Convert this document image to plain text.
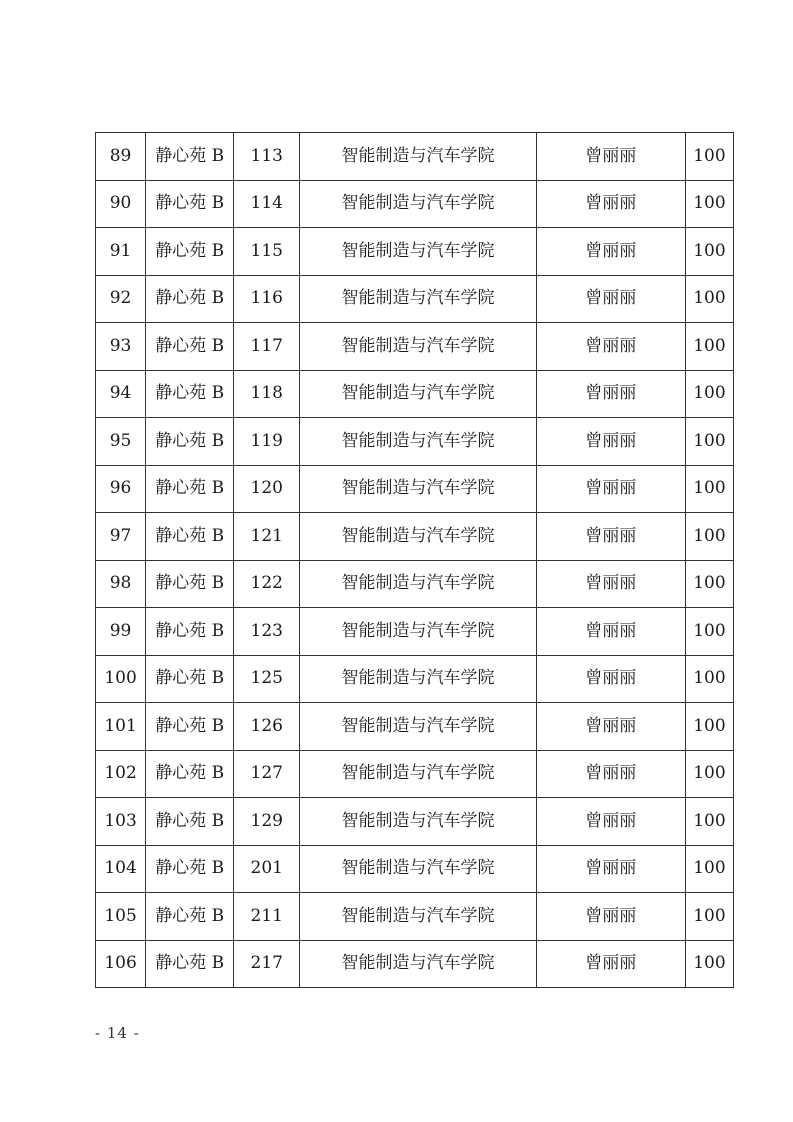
89	静心苑 B	113	智能制造与汽车学院	曾丽丽	100
90	静心苑 B	114	智能制造与汽车学院	曾丽丽	100
91	静心苑 B	115	智能制造与汽车学院	曾丽丽	100
92	静心苑 B	116	智能制造与汽车学院	曾丽丽	100
93	静心苑 B	117	智能制造与汽车学院	曾丽丽	100
94	静心苑 B	118	智能制造与汽车学院	曾丽丽	100
95	静心苑 B	119	智能制造与汽车学院	曾丽丽	100
96	静心苑 B	120	智能制造与汽车学院	曾丽丽	100
97	静心苑 B	121	智能制造与汽车学院	曾丽丽	100
98	静心苑 B	122	智能制造与汽车学院	曾丽丽	100
99	静心苑 B	123	智能制造与汽车学院	曾丽丽	100
100	静心苑 B	125	智能制造与汽车学院	曾丽丽	100
101	静心苑 B	126	智能制造与汽车学院	曾丽丽	100
102	静心苑 B	127	智能制造与汽车学院	曾丽丽	100
103	静心苑 B	129	智能制造与汽车学院	曾丽丽	100
104	静心苑 B	201	智能制造与汽车学院	曾丽丽	100
105	静心苑 B	211	智能制造与汽车学院	曾丽丽	100
106	静心苑 B	217	智能制造与汽车学院	曾丽丽	100
- 14 -
